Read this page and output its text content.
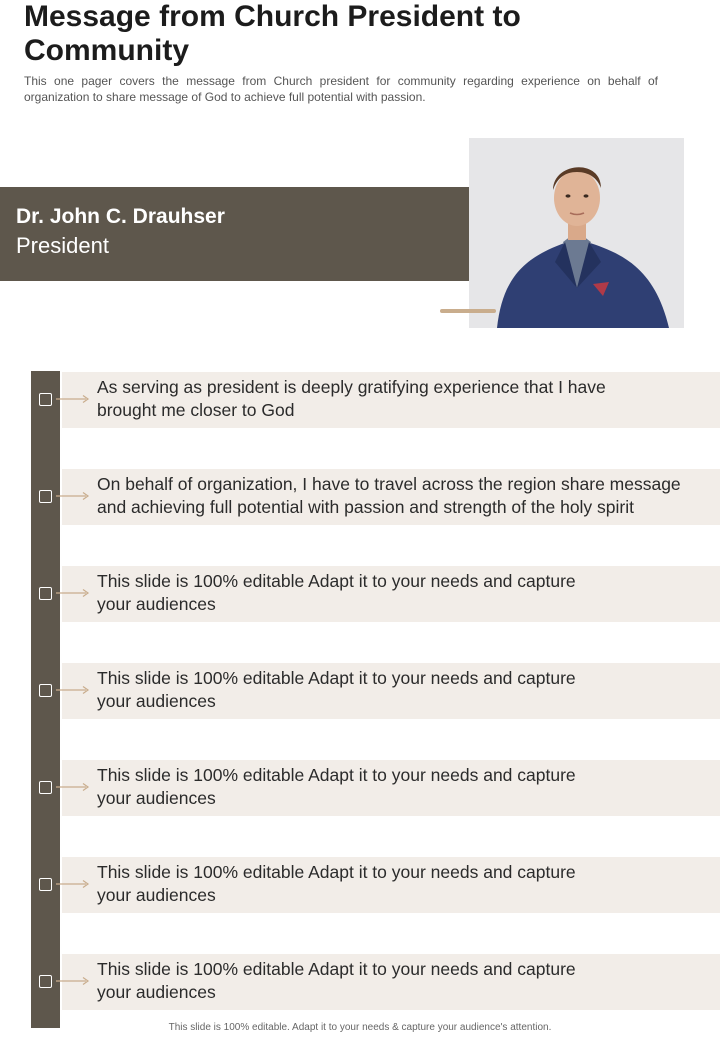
Message from Church President to Community

This one pager covers the message from Church president for community regarding experience on behalf of organization to share message of God to achieve full potential with passion.

Dr. John C. Drauhser

President

As serving as president is deeply gratifying experience that I have
brought me closer to God

On behalf of organization, I have to travel across the region share message
and achieving full potential with passion and strength of the holy spirit

This slide is 100% editable Adapt it to your needs and capture
your audiences

This slide is 100% editable Adapt it to your needs and capture
your audiences

This slide is 100% editable Adapt it to your needs and capture
your audiences

This slide is 100% editable Adapt it to your needs and capture
your audiences

This slide is 100% editable Adapt it to your needs and capture
your audiences

This slide is 100% editable. Adapt it to your needs & capture your audience's attention.
